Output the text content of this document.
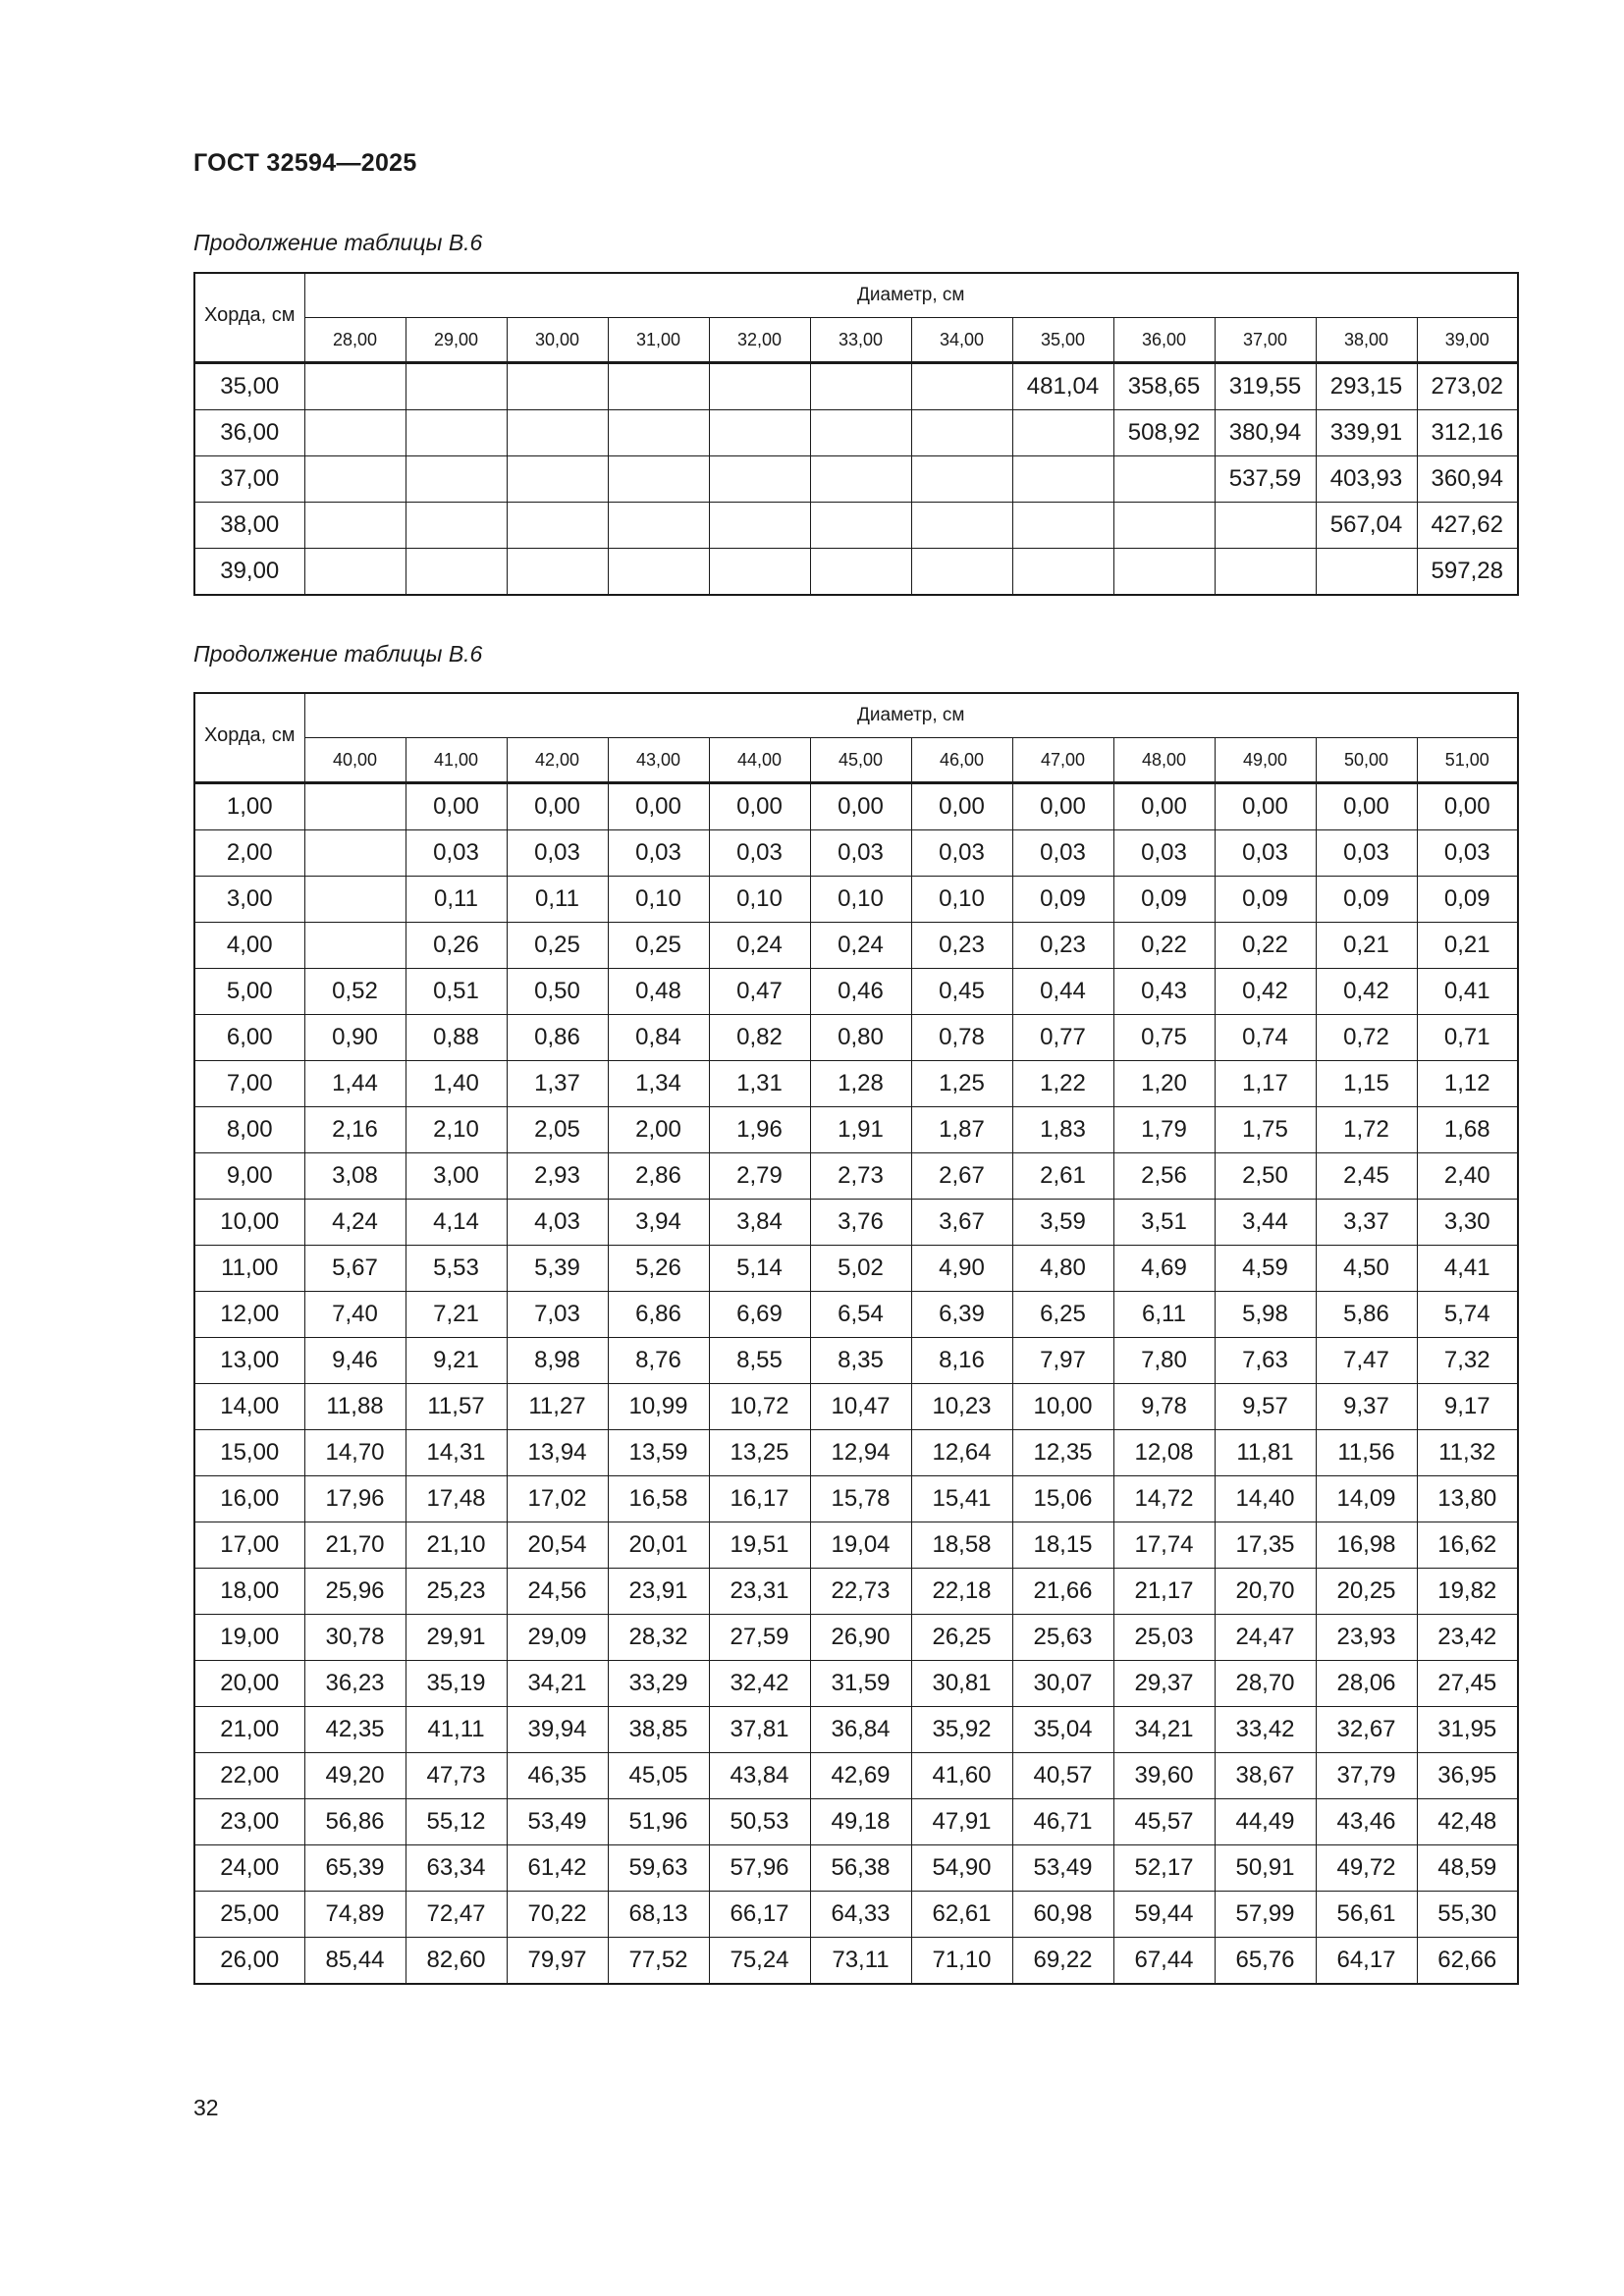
ГОСТ 32594—2025
Продолжение таблицы В.6
Хорда, см	Диаметр, см											
	28,00	29,00	30,00	31,00	32,00	33,00	34,00	35,00	36,00	37,00	38,00	39,00
35,00								481,04	358,65	319,55	293,15	273,02
36,00									508,92	380,94	339,91	312,16
37,00										537,59	403,93	360,94
38,00											567,04	427,62
39,00												597,28
Продолжение таблицы В.6
Хорда, см	Диаметр, см											
	40,00	41,00	42,00	43,00	44,00	45,00	46,00	47,00	48,00	49,00	50,00	51,00
1,00		0,00	0,00	0,00	0,00	0,00	0,00	0,00	0,00	0,00	0,00	0,00
2,00		0,03	0,03	0,03	0,03	0,03	0,03	0,03	0,03	0,03	0,03	0,03
3,00		0,11	0,11	0,10	0,10	0,10	0,10	0,09	0,09	0,09	0,09	0,09
4,00		0,26	0,25	0,25	0,24	0,24	0,23	0,23	0,22	0,22	0,21	0,21
5,00	0,52	0,51	0,50	0,48	0,47	0,46	0,45	0,44	0,43	0,42	0,42	0,41
6,00	0,90	0,88	0,86	0,84	0,82	0,80	0,78	0,77	0,75	0,74	0,72	0,71
7,00	1,44	1,40	1,37	1,34	1,31	1,28	1,25	1,22	1,20	1,17	1,15	1,12
8,00	2,16	2,10	2,05	2,00	1,96	1,91	1,87	1,83	1,79	1,75	1,72	1,68
9,00	3,08	3,00	2,93	2,86	2,79	2,73	2,67	2,61	2,56	2,50	2,45	2,40
10,00	4,24	4,14	4,03	3,94	3,84	3,76	3,67	3,59	3,51	3,44	3,37	3,30
11,00	5,67	5,53	5,39	5,26	5,14	5,02	4,90	4,80	4,69	4,59	4,50	4,41
12,00	7,40	7,21	7,03	6,86	6,69	6,54	6,39	6,25	6,11	5,98	5,86	5,74
13,00	9,46	9,21	8,98	8,76	8,55	8,35	8,16	7,97	7,80	7,63	7,47	7,32
14,00	11,88	11,57	11,27	10,99	10,72	10,47	10,23	10,00	9,78	9,57	9,37	9,17
15,00	14,70	14,31	13,94	13,59	13,25	12,94	12,64	12,35	12,08	11,81	11,56	11,32
16,00	17,96	17,48	17,02	16,58	16,17	15,78	15,41	15,06	14,72	14,40	14,09	13,80
17,00	21,70	21,10	20,54	20,01	19,51	19,04	18,58	18,15	17,74	17,35	16,98	16,62
18,00	25,96	25,23	24,56	23,91	23,31	22,73	22,18	21,66	21,17	20,70	20,25	19,82
19,00	30,78	29,91	29,09	28,32	27,59	26,90	26,25	25,63	25,03	24,47	23,93	23,42
20,00	36,23	35,19	34,21	33,29	32,42	31,59	30,81	30,07	29,37	28,70	28,06	27,45
21,00	42,35	41,11	39,94	38,85	37,81	36,84	35,92	35,04	34,21	33,42	32,67	31,95
22,00	49,20	47,73	46,35	45,05	43,84	42,69	41,60	40,57	39,60	38,67	37,79	36,95
23,00	56,86	55,12	53,49	51,96	50,53	49,18	47,91	46,71	45,57	44,49	43,46	42,48
24,00	65,39	63,34	61,42	59,63	57,96	56,38	54,90	53,49	52,17	50,91	49,72	48,59
25,00	74,89	72,47	70,22	68,13	66,17	64,33	62,61	60,98	59,44	57,99	56,61	55,30
26,00	85,44	82,60	79,97	77,52	75,24	73,11	71,10	69,22	67,44	65,76	64,17	62,66
32
